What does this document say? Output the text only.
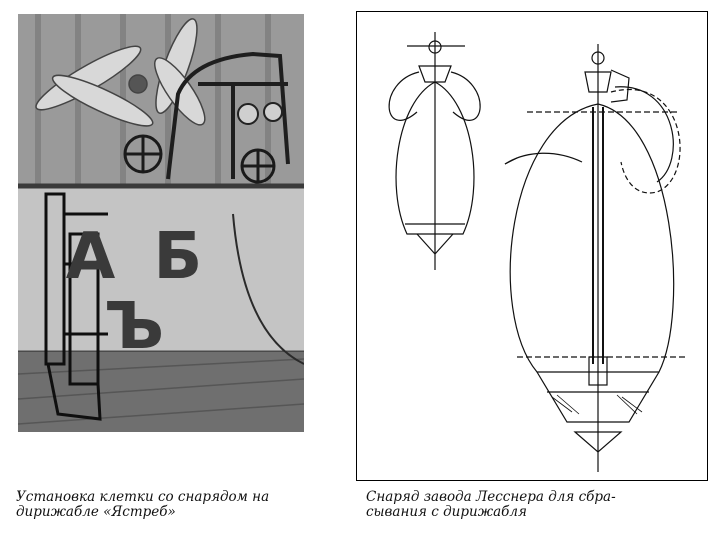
А Б Ъ
Установка клетки со снарядом на
дирижабле «Ястреб»
Снаряд завода Лесснера для сбра-
сывания с дирижабля
